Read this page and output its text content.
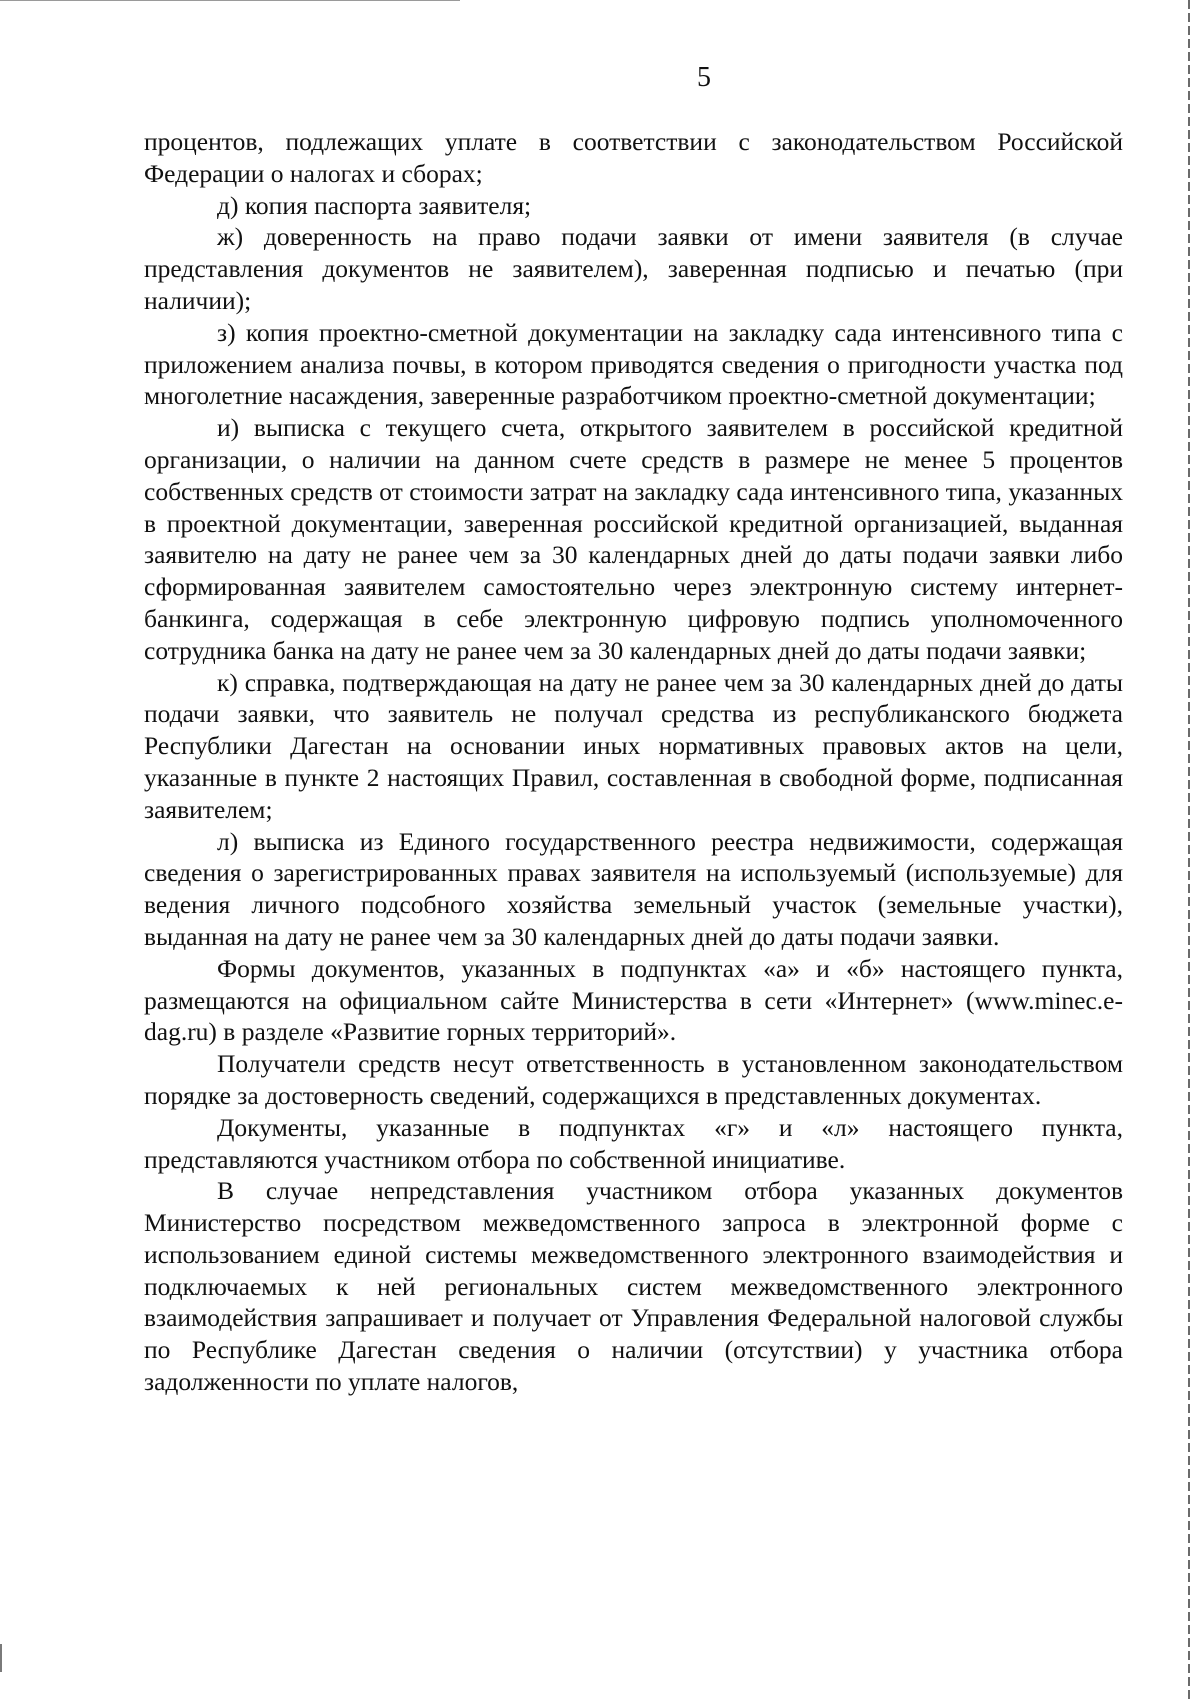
5

процентов, подлежащих уплате в соответствии с законодательством Российской Федерации о налогах и сборах;

д) копия паспорта заявителя;

ж) доверенность на право подачи заявки от имени заявителя (в случае представления документов не заявителем), заверенная подписью и печатью (при наличии);

з) копия проектно-сметной документации на закладку сада интенсивного типа с приложением анализа почвы, в котором приводятся сведения о пригодности участка под многолетние насаждения, заверенные разработчиком проектно-сметной документации;

и) выписка с текущего счета, открытого заявителем в российской кредитной организации, о наличии на данном счете средств в размере не менее 5 процентов собственных средств от стоимости затрат на закладку сада интенсивного типа, указанных в проектной документации, заверенная российской кредитной организацией, выданная заявителю на дату не ранее чем за 30 календарных дней до даты подачи заявки либо сформированная заявителем самостоятельно через электронную систему интернет-банкинга, содержащая в себе электронную цифровую подпись уполномоченного сотрудника банка на дату не ранее чем за 30 календарных дней до даты подачи заявки;

к) справка, подтверждающая на дату не ранее чем за 30 календарных дней до даты подачи заявки, что заявитель не получал средства из республиканского бюджета Республики Дагестан на основании иных нормативных правовых актов на цели, указанные в пункте 2 настоящих Правил, составленная в свободной форме, подписанная заявителем;

л) выписка из Единого государственного реестра недвижимости, содержащая сведения о зарегистрированных правах заявителя на используемый (используемые) для ведения личного подсобного хозяйства земельный участок (земельные участки), выданная на дату не ранее чем за 30 календарных дней до даты подачи заявки.

Формы документов, указанных в подпунктах «а» и «б» настоящего пункта, размещаются на официальном сайте Министерства в сети «Интернет» (www.minec.e-dag.ru) в разделе «Развитие горных территорий».

Получатели средств несут ответственность в установленном законодательством порядке за достоверность сведений, содержащихся в представленных документах.

Документы, указанные в подпунктах «г» и «л» настоящего пункта, представляются участником отбора по собственной инициативе.

В случае непредставления участником отбора указанных документов Министерство посредством межведомственного запроса в электронной форме с использованием единой системы межведомственного электронного взаимодействия и подключаемых к ней региональных систем межведомственного электронного взаимодействия запрашивает и получает от Управления Федеральной налоговой службы по Республике Дагестан сведения о наличии (отсутствии) у участника отбора задолженности по уплате налогов,
